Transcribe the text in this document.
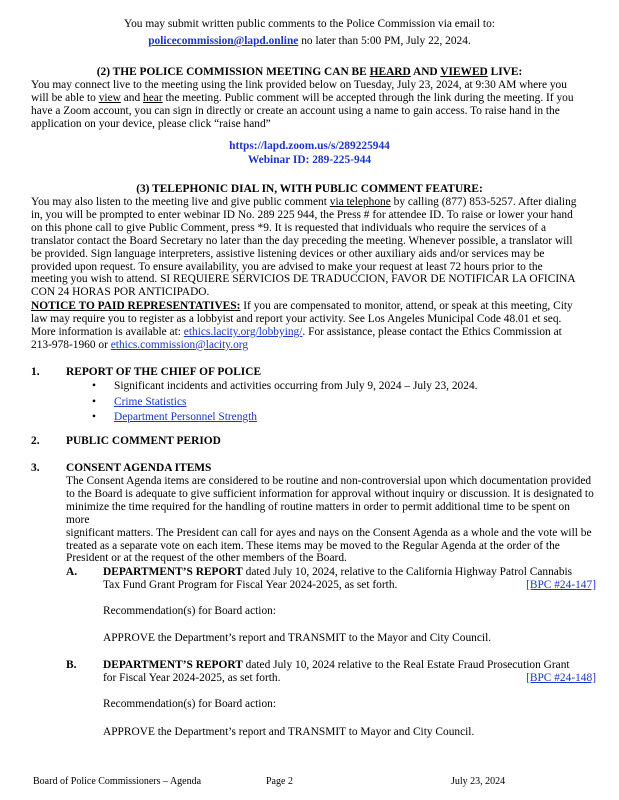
You may submit written public comments to the Police Commission via email to:
policecommission@lapd.online no later than 5:00 PM, July 22, 2024.
(2) THE POLICE COMMISSION MEETING CAN BE HEARD AND VIEWED LIVE:
You may connect live to the meeting using the link provided below on Tuesday, July 23, 2024, at 9:30 AM where you
will be able to view and hear the meeting. Public comment will be accepted through the link during the meeting. If you
have a Zoom account, you can sign in directly or create an account using a name to gain access. To raise hand in the
application on your device, please click “raise hand”
https://lapd.zoom.us/s/289225944
Webinar ID: 289-225-944
(3) TELEPHONIC DIAL IN, WITH PUBLIC COMMENT FEATURE:
You may also listen to the meeting live and give public comment via telephone by calling (877) 853-5257. After dialing
in, you will be prompted to enter webinar ID No. 289 225 944, the Press # for attendee ID. To raise or lower your hand
on this phone call to give Public Comment, press *9. It is requested that individuals who require the services of a
translator contact the Board Secretary no later than the day preceding the meeting. Whenever possible, a translator will
be provided. Sign language interpreters, assistive listening devices or other auxiliary aids and/or services may be
provided upon request. To ensure availability, you are advised to make your request at least 72 hours prior to the
meeting you wish to attend. SI REQUIERE SERVICIOS DE TRADUCCION, FAVOR DE NOTIFICAR LA OFICINA
CON 24 HORAS POR ANTICIPADO.
NOTICE TO PAID REPRESENTATIVES: If you are compensated to monitor, attend, or speak at this meeting, City
law may require you to register as a lobbyist and report your activity. See Los Angeles Municipal Code 48.01 et seq.
More information is available at: ethics.lacity.org/lobbying/. For assistance, please contact the Ethics Commission at
213-978-1960 or ethics.commission@lacity.org
1. REPORT OF THE CHIEF OF POLICE
• Significant incidents and activities occurring from July 9, 2024 – July 23, 2024.
• Crime Statistics
• Department Personnel Strength
2. PUBLIC COMMENT PERIOD
3. CONSENT AGENDA ITEMS
The Consent Agenda items are considered to be routine and non-controversial upon which documentation provided
to the Board is adequate to give sufficient information for approval without inquiry or discussion. It is designated to
minimize the time required for the handling of routine matters in order to permit additional time to be spent on more
significant matters. The President can call for ayes and nays on the Consent Agenda as a whole and the vote will be
treated as a separate vote on each item. These items may be moved to the Regular Agenda at the order of the
President or at the request of the other members of the Board.
A. DEPARTMENT’S REPORT dated July 10, 2024, relative to the California Highway Patrol Cannabis
Tax Fund Grant Program for Fiscal Year 2024-2025, as set forth.	[BPC #24-147]
Recommendation(s) for Board action:
APPROVE the Department’s report and TRANSMIT to the Mayor and City Council.
B. DEPARTMENT’S REPORT dated July 10, 2024 relative to the Real Estate Fraud Prosecution Grant
for Fiscal Year 2024-2025, as set forth.	[BPC #24-148]
Recommendation(s) for Board action:
APPROVE the Department’s report and TRANSMIT to Mayor and City Council.
Board of Police Commissioners – Agenda	Page 2	July 23, 2024
